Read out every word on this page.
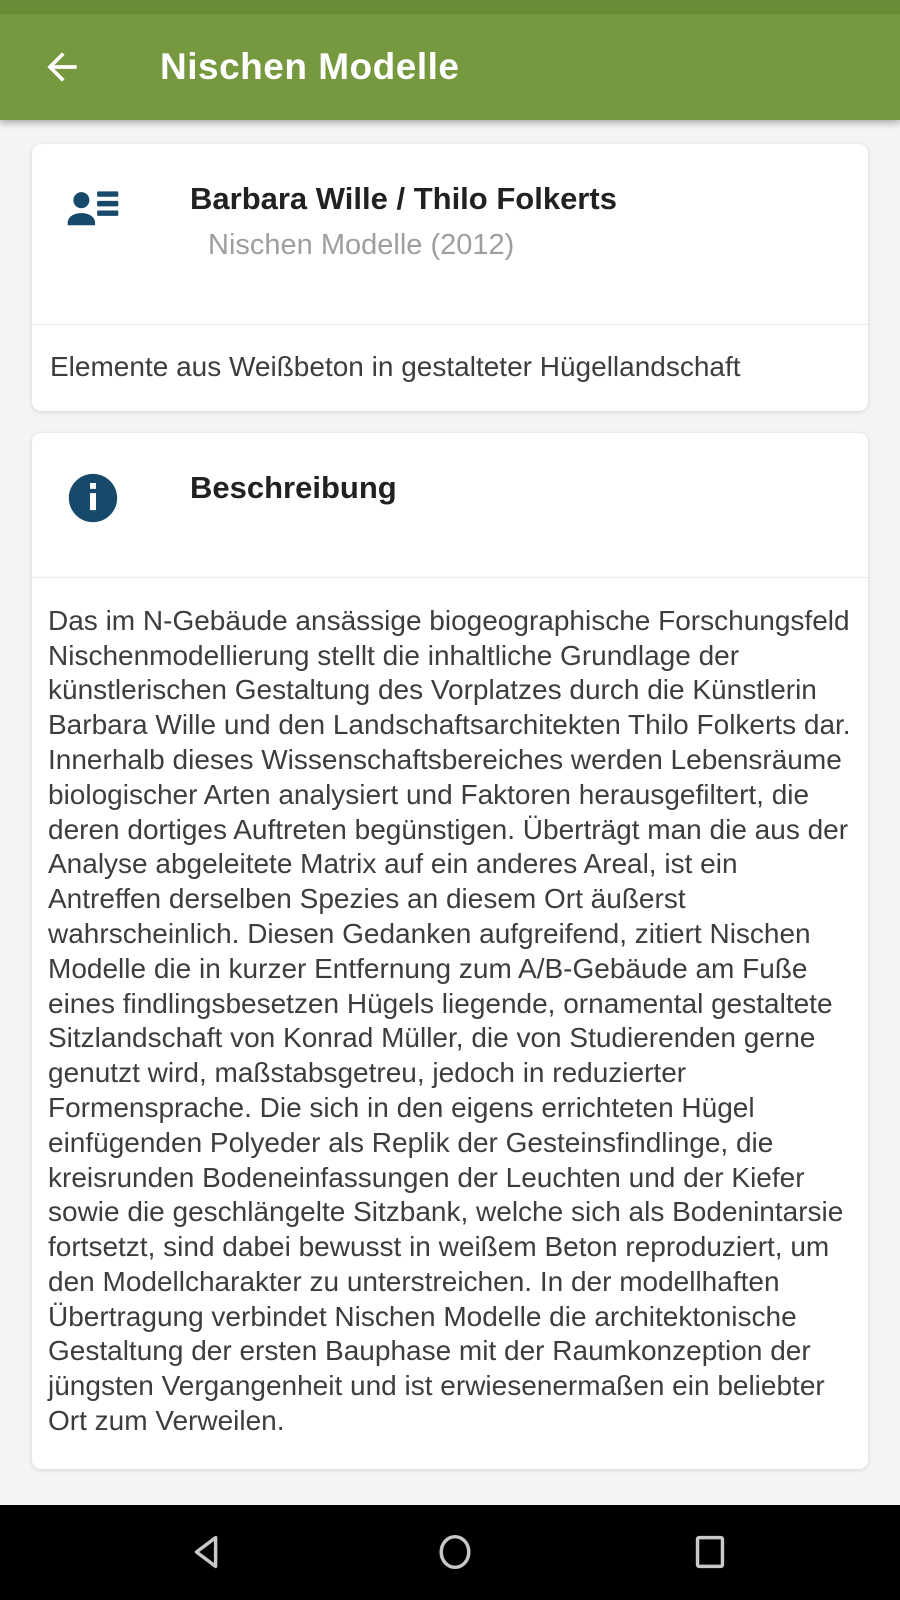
Nischen Modelle
Barbara Wille / Thilo Folkerts
Nischen Modelle (2012)
Elemente aus Weißbeton in gestalteter Hügellandschaft
Beschreibung
Das im N-Gebäude ansässige biogeographische Forschungsfeld Nischenmodellierung stellt die inhaltliche Grundlage der künstlerischen Gestaltung des Vorplatzes durch die Künstlerin Barbara Wille und den Landschaftsarchitekten Thilo Folkerts dar. Innerhalb dieses Wissenschaftsbereiches werden Lebensräume biologischer Arten analysiert und Faktoren herausgefiltert, die deren dortiges Auftreten begünstigen. Überträgt man die aus der Analyse abgeleitete Matrix auf ein anderes Areal, ist ein Antreffen derselben Spezies an diesem Ort äußerst wahrscheinlich. Diesen Gedanken aufgreifend, zitiert Nischen Modelle die in kurzer Entfernung zum A/B-Gebäude am Fuße eines findlingsbesetzen Hügels liegende, ornamental gestaltete Sitzlandschaft von Konrad Müller, die von Studierenden gerne genutzt wird, maßstabsgetreu, jedoch in reduzierter Formensprache. Die sich in den eigens errichteten Hügel einfügenden Polyeder als Replik der Gesteinsfindlinge, die kreisrunden Bodeneinfassungen der Leuchten und der Kiefer sowie die geschlängelte Sitzbank, welche sich als Bodenintarsie fortsetzt, sind dabei bewusst in weißem Beton reproduziert, um den Modellcharakter zu unterstreichen. In der modellhaften Übertragung verbindet Nischen Modelle die architektonische Gestaltung der ersten Bauphase mit der Raumkonzeption der jüngsten Vergangenheit und ist erwiesenermaßen ein beliebter Ort zum Verweilen.
